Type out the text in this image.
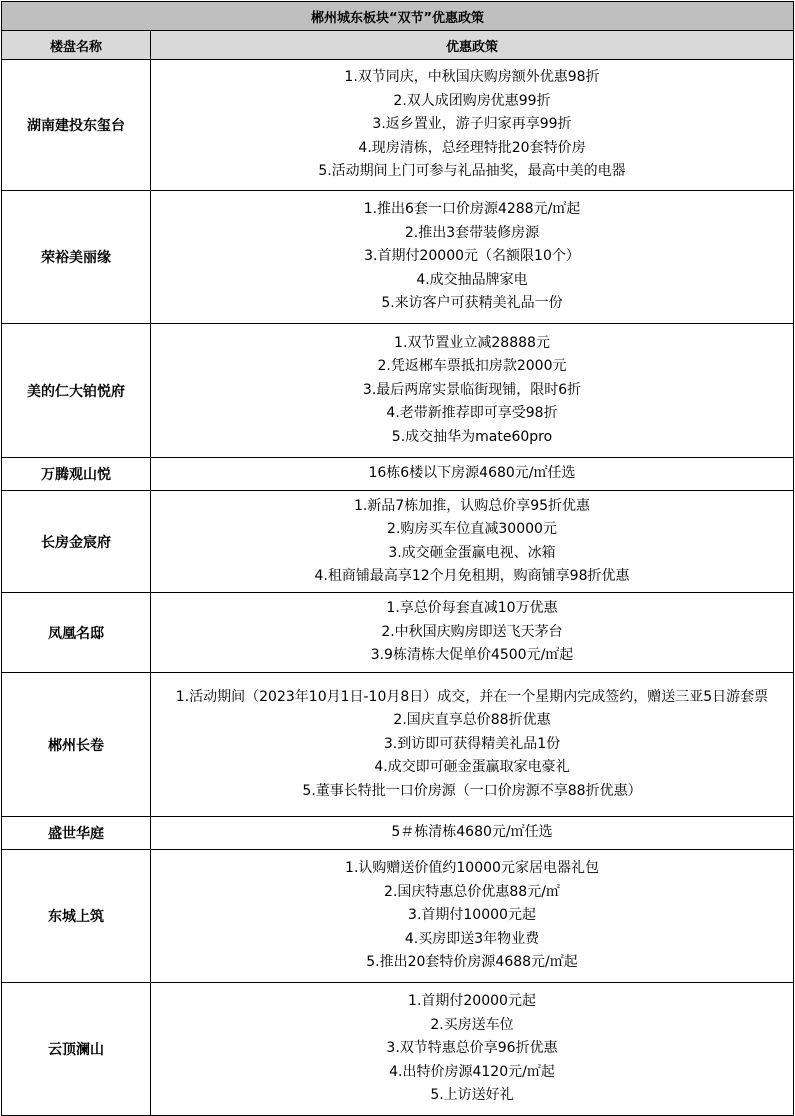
郴州城东板块“双节”优惠政策	
楼盘名称	优惠政策
湖南建投东玺台	1.双节同庆，中秋国庆购房额外优惠98折
2.双人成团购房优惠99折
3.返乡置业，游子归家再享99折
4.现房清栋，总经理特批20套特价房
5.活动期间上门可参与礼品抽奖，最高中美的电器

荣裕美丽缘	1.推出6套一口价房源4288元/㎡起
2.推出3套带装修房源
3.首期付20000元（名额限10个）
4.成交抽品牌家电
5.来访客户可获精美礼品一份

美的仁大铂悦府	1.双节置业立减28888元
2.凭返郴车票抵扣房款2000元
3.最后两席实景临街现铺，限时6折
4.老带新推荐即可享受98折
5.成交抽华为mate60pro

万腾观山悦	16栋6楼以下房源4680元/㎡任选

长房金宸府	1.新品7栋加推，认购总价享95折优惠
2.购房买车位直减30000元
3.成交砸金蛋赢电视、冰箱
4.租商铺最高享12个月免租期，购商铺享98折优惠

凤凰名邸	1.享总价每套直减10万优惠
2.中秋国庆购房即送飞天茅台
3.9栋清栋大促单价4500元/㎡起

郴州长卷	1.活动期间（2023年10月1日-10月8日）成交，并在一个星期内完成签约，赠送三亚5日游套票
2.国庆直享总价88折优惠
3.到访即可获得精美礼品1份
4.成交即可砸金蛋赢取家电豪礼
5.董事长特批一口价房源（一口价房源不享88折优惠）

盛世华庭	5＃栋清栋4680元/㎡任选

东城上筑	1.认购赠送价值约10000元家居电器礼包
2.国庆特惠总价优惠88元/㎡
3.首期付10000元起
4.买房即送3年物业费
5.推出20套特价房源4688元/㎡起

云顶澜山	1.首期付20000元起
2.买房送车位
3.双节特惠总价享96折优惠
4.出特价房源4120元/㎡起
5.上访送好礼
